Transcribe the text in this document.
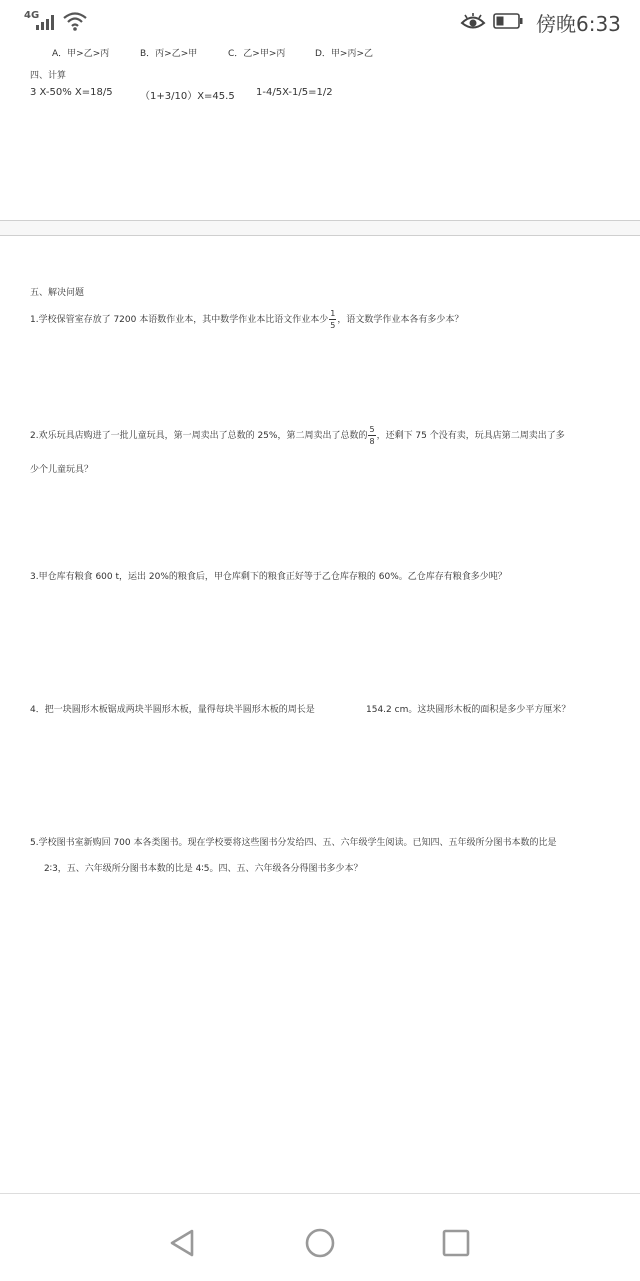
A．甲>乙>丙	B．丙>乙>甲	C．乙>甲>丙	D．甲>丙>乙
四、计算
3 X-50% X=18/5	（1+3/10）X=45.5 1-4/5X-1/5=1/2
五、解决问题
1.学校保管室存放了 7200 本语数作业本，其中数学作业本比语文作业本少 $\frac{1}{5}$ ，语文数学作业本各有多少本？
2.欢乐玩具店购进了一批儿童玩具，第一周卖出了总数的 25%，第二周卖出了总数的 $\frac{5}{8}$ ，还剩下 75 个没有卖，玩具店第二周卖出了多
少个儿童玩具？
3.甲仓库有粮食 600 t，运出 20%的粮食后，甲仓库剩下的粮食正好等于乙仓库存粮的 60%。乙仓库存有粮食多少吨？
4．把一块圆形木板锯成两块半圆形木板，量得每块半圆形木板的周长是	154.2 cm。这块圆形木板的面积是多少平方厘米？
5.学校图书室新购回 700 本各类图书。现在学校要将这些图书分发给四、五、六年级学生阅读。已知四、五年级所分图书本数的比是
2∶3，五、六年级所分图书本数的比是 4∶5。四、五、六年级各分得图书多少本？
4G	傍晚6:33
